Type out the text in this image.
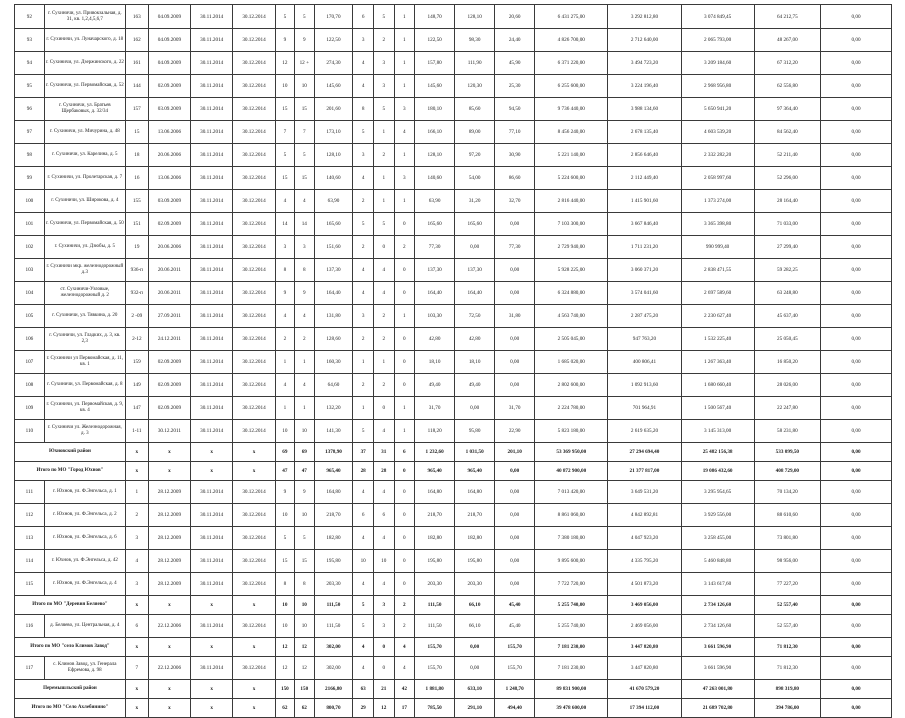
92	г. Сухиничи, ул. Привокзальная, д. 31, кв. 1,2,4,5,6,7	163	04.09.2009	30.11.2014	30.12.2014	5	5	170,70	6	5	1	148,70	128,10	20,60	6 431 275,00	3 292 812,80	3 074 849,45	64 212,75	0,00
93	г. Сухиничи, ул. Луначарского, д. 18	162	04.09.2009	30.11.2014	30.12.2014	9	9	122,50	3	2	1	122,50	98,30	24,40	4 826 700,00	2 712 640,00	2 065 793,00	48 267,00	0,00
94	г. Сухиничи, ул. Дзержинского, д. 22	161	04.09.2009	30.11.2014	30.12.2014	12	12 +	274,30	4	3	1	157,80	111,90	45,90	6 371 220,00	3 494 723,20	3 209 184,60	67 312,20	0,00
95	г. Сухиничи, ул. Первомайская, д. 52	144	02.09.2009	30.11.2014	30.12.2014	10	10	145,60	4	3	1	145,60	120,30	25,30	6 255 600,00	3 224 196,40	2 968 956,80	62 556,80	0,00
96	г. Сухиничи, ул. Братьев Щербаковых, д. 32/34	157	03.09.2009	30.11.2014	30.12.2014	15	15	201,60	8	5	3	180,10	85,60	94,50	9 736 440,00	3 988 134,60	5 650 941,20	97 364,40	0,00
97	г. Сухиничи, ул. Мичурина, д. 48	15	13.06.2006	30.11.2014	30.12.2014	7	7	173,10	5	1	4	166,10	89,00	77,10	8 456 240,00	2 678 135,40	4 603 539,20	84 562,40	0,00
98	г. Сухиничи, ул. Карелина, д. 5	18	20.06.2006	30.11.2014	30.12.2014	5	5	128,10	3	2	1	128,10	97,20	30,90	5 221 140,00	2 856 646,40	2 332 282,20	52 211,40	0,00
99	г. Сухиничи, ул. Пролетарская, д. 7	16	13.06.2006	30.11.2014	30.12.2014	15	15	140,60	4	1	3	140,60	54,00	86,60	5 224 600,00	2 112 449,40	2 058 997,60	52 296,00	0,00
100	г. Сухиничи, ул. Широкова, д. 4	155	03.09.2009	30.11.2014	30.12.2014	4	4	63,90	2	1	1	63,90	31,20	32,70	2 816 440,00	1 415 901,60	1 373 274,00	28 164,40	0,00
101	г. Сухиничи, ул. Первомайская, д. 50	151	02.09.2009	30.11.2014	30.12.2014	14	14	165,60	5	5	0	165,60	165,60	0,00	7 103 300,00	3 667 846,40	3 365 398,80	71 033,00	0,00
102	г. Сухиничи, ул. Дзюбы, д. 5	19	20.06.2006	30.11.2014	30.12.2014	3	3	151,60	2	0	2	77,30	0,00	77,30	2 729 940,00	1 711 231,20	990 999,40	27 299,40	0,00
103	г. Сухиничи мкр. железнодорожный д.3	936-п	20.06.2011	30.11.2014	30.12.2014	8	8	137,30	4	4	0	137,30	137,30	0,00	5 928 225,00	3 060 371,20	2 838 471,55	59 282,25	0,00
104	ст. Сухиничи-Узловые, железнодорожный д. 2	932-п	20.06.2011	30.11.2014	30.12.2014	9	9	164,40	4	4	0	164,40	164,40	0,00	6 324 880,00	3 574 041,60	2 697 589,60	63 248,80	0,00
105	г. Сухиничи, ул. Тявкина, д. 20	2 -09	27.09.2011	30.11.2014	30.12.2014	4	4	131,80	3	2	1	103,30	72,50	31,80	4 563 740,00	2 287 475,20	2 230 627,40	45 637,40	0,00
106	г. Сухиничи, ул. Гладких, д. 3, кв. 2,3	2-12	24.12.2011	30.11.2014	30.12.2014	2	2	128,60	2	2	0	42,80	42,80	0,00	2 505 045,00	947 763,20	1 532 225,40	25 050,45	0,00
107	г. Сухиничи ул Первомайская, д. 11, кв. 1	159	02.09.2009	30.11.2014	30.12.2014	1	1	160,30	1	1	0	18,10	18,10	0,00	1 685 020,00	400 806,41	1 267 363,40	16 850,20	0,00
108	г. Сухиничи, ул. Первомайская, д. 8	149	02.09.2009	30.11.2014	30.12.2014	4	4	64,60	2	2	0	49,40	49,40	0,00	2 802 600,00	1 092 913,60	1 680 660,40	28 026,00	0,00
109	г. Сухиничи, ул. Первомайская, д. 9, кв. 4	147	02.09.2009	30.11.2014	30.12.2014	1	1	132,20	1	0	1	31,70	0,00	31,70	2 224 780,00	701 964,91	1 500 567,40	22 247,80	0,00
110	г. Сухиничи ул. Железнодорожная, д. 3	1-11	30.12.2011	30.11.2014	30.12.2014	10	10	141,30	5	4	1	118,20	95,80	22,90	5 823 180,00	2 619 635,20	3 145 313,00	58 231,80	0,00
Юхновский район		х	х	х	х	69	69	1378,90	37	31	6	1 232,60	1 031,50	201,10	53 369 950,00	27 294 694,40	25 482 156,38	533 099,50	0,00
Итого по МО "Город Юхнов"		х	х	х	х	47	47	965,40	28	28	0	965,40	965,40	0,00	40 872 900,00	21 377 817,00	19 086 432,60	408 729,00	0,00
111	г. Юхнов, ул. Ф.Энгельса, д. 1	1	28.12.2009	30.11.2014	30.12.2014	9	9	164,80	4	4	0	164,80	164,80	0,00	7 013 420,00	3 649 531,20	3 295 954,65	70 134,20	0,00
112	г. Юхнов, ул. Ф.Энгельса, д. 2	2	28.12.2009	30.11.2014	30.12.2014	10	10	218,70	6	6	0	218,70	218,70	0,00	8 861 060,00	4 842 892,81	3 929 556,00	88 610,60	0,00
113	г. Юхнов, ул. Ф.Энгельса, д. 6	3	28.12.2009	30.11.2014	30.12.2014	5	5	182,80	4	4	0	182,80	182,80	0,00	7 380 180,00	4 047 923,20	3 258 455,00	73 801,80	0,00
114	г. Юхнов, ул. Ф.Энгельса, д. 42	4	28.12.2009	30.11.2014	30.12.2014	15	15	195,80	10	10	0	195,80	195,80	0,00	9 895 600,00	4 335 795,20	5 460 848,80	98 956,00	0,00
115	г. Юхнов, ул. Ф.Энгельса, д. 4	3	28.12.2009	30.11.2014	30.12.2014	8	8	203,30	4	4	0	203,30	203,30	0,00	7 722 720,00	4 501 873,20	3 143 617,60	77 227,20	0,00
Итого по МО "Деревня Беляево"		х	х	х	х	10	10	111,50	5	3	2	111,50	66,10	45,40	5 255 740,00	3 469 056,00	2 734 126,60	52 557,40	0,00
116	д. Беляево, ул. Центральная, д. 4	6	22.12.2006	30.11.2014	30.12.2014	10	10	111,50	5	3	2	111,50	66,10	45,40	5 255 740,00	2 469 056,00	2 734 126,60	52 557,40	0,00
Итого по МО "село Климов Завод"		х	х	х	х	12	12	302,00	4	0	4	155,70	0,00	155,70	7 181 230,00	3 447 820,80	3 661 596,90	71 812,30	0,00
117	с. Климов Завод, ул. Генерала Ефремова, д. 98	7	22.12.2006	30.11.2014	30.12.2014	12	12	302,00	4	0	4	155,70	0,00	155,70	7 181 230,00	3 447 820,80	3 661 596,90	71 812,30	0,00
Перемышльский район		х	х	х	х	150	150	2166,80	63	21	42	1 881,80	633,10	1 248,70	89 831 900,00	41 670 579,20	47 263 001,80	898 319,80	0,00
Итого по МО "Село Ахлебинино"		х	х	х	х	62	62	800,70	29	12	17	785,50	291,10	494,40	39 478 600,00	17 394 112,00	21 689 702,80	394 786,00	0,00
